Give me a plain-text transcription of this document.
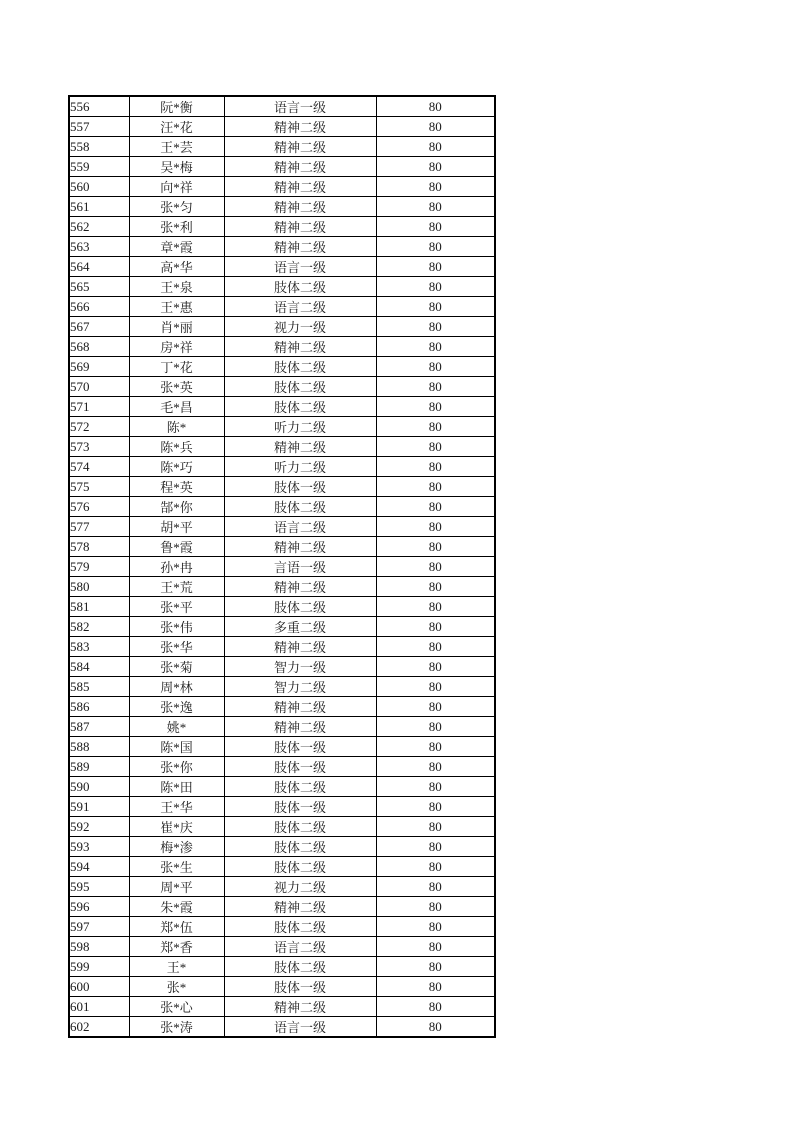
556	阮*衡	语言一级	80
557	汪*花	精神二级	80
558	王*芸	精神二级	80
559	吴*梅	精神二级	80
560	向*祥	精神二级	80
561	张*匀	精神二级	80
562	张*利	精神二级	80
563	章*霞	精神二级	80
564	高*华	语言一级	80
565	王*泉	肢体二级	80
566	王*惠	语言二级	80
567	肖*丽	视力一级	80
568	房*祥	精神二级	80
569	丁*花	肢体二级	80
570	张*英	肢体二级	80
571	毛*昌	肢体二级	80
572	陈*	听力二级	80
573	陈*兵	精神二级	80
574	陈*巧	听力二级	80
575	程*英	肢体一级	80
576	郜*你	肢体二级	80
577	胡*平	语言二级	80
578	鲁*霞	精神二级	80
579	孙*冉	言语一级	80
580	王*荒	精神二级	80
581	张*平	肢体二级	80
582	张*伟	多重二级	80
583	张*华	精神二级	80
584	张*菊	智力一级	80
585	周*林	智力二级	80
586	张*逸	精神二级	80
587	姚*	精神二级	80
588	陈*国	肢体一级	80
589	张*你	肢体一级	80
590	陈*田	肢体二级	80
591	王*华	肢体一级	80
592	崔*庆	肢体二级	80
593	梅*渗	肢体二级	80
594	张*生	肢体二级	80
595	周*平	视力二级	80
596	朱*霞	精神二级	80
597	郑*伍	肢体二级	80
598	郑*香	语言二级	80
599	王*	肢体二级	80
600	张*	肢体一级	80
601	张*心	精神二级	80
602	张*涛	语言一级	80
